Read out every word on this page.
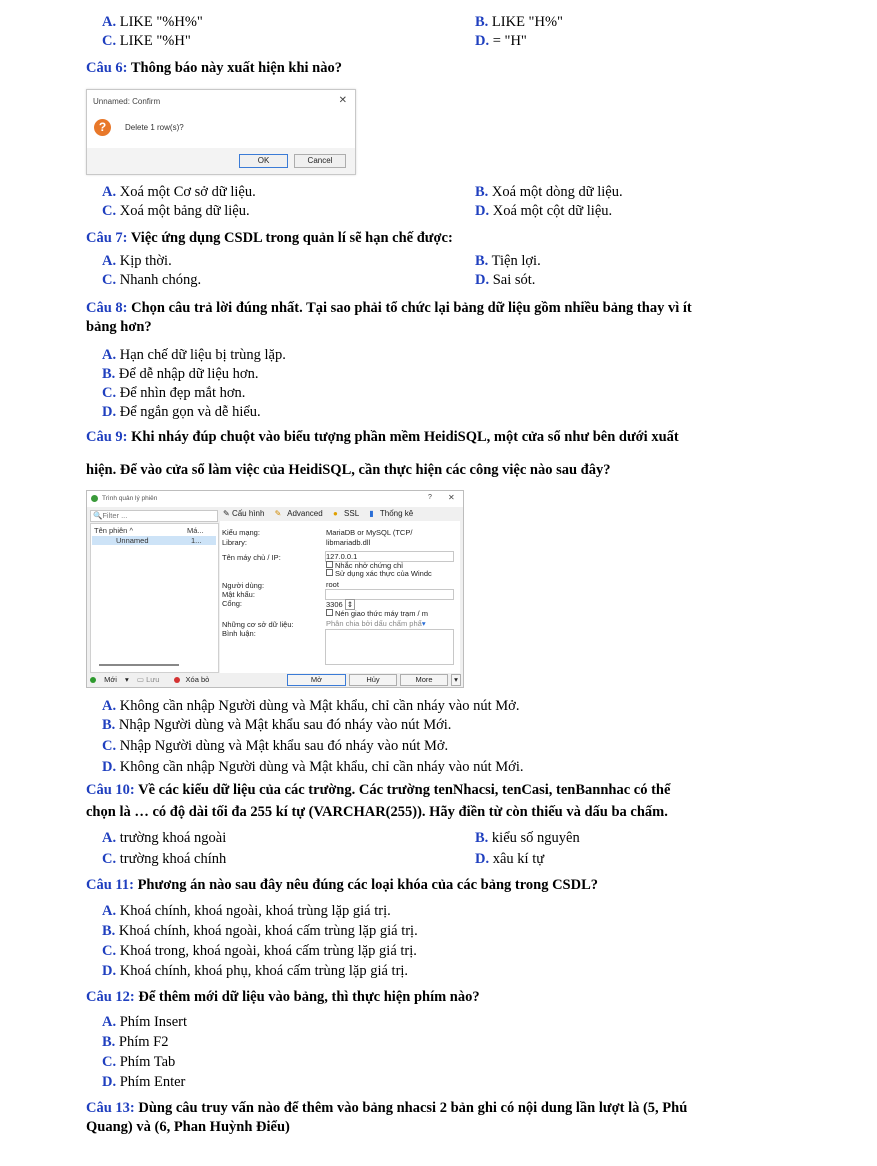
A. LIKE "%H%"	B. LIKE "H%"
C. LIKE "%H"	D. = "H"
Câu 6: Thông báo này xuất hiện khi nào?
Unnamed: Confirm	✕
?	Delete 1 row(s)?
OK	Cancel
A. Xoá một Cơ sở dữ liệu.	B. Xoá một dòng dữ liệu.
C. Xoá một bảng dữ liệu.	D. Xoá một cột dữ liệu.
Câu 7: Việc ứng dụng CSDL trong quản lí sẽ hạn chế được:
A. Kịp thời.	B. Tiện lợi.
C. Nhanh chóng.	D. Sai sót.
Câu 8: Chọn câu trả lời đúng nhất. Tại sao phải tổ chức lại bảng dữ liệu gồm nhiều bảng thay vì ít
bảng hơn?
A. Hạn chế dữ liệu bị trùng lặp.
B. Để dễ nhập dữ liệu hơn.
C. Để nhìn đẹp mắt hơn.
D. Để ngắn gọn và dễ hiểu.
Câu 9: Khi nháy đúp chuột vào biểu tượng phần mềm HeidiSQL, một cửa sổ như bên dưới xuất
hiện. Để vào cửa sổ làm việc của HeidiSQL, cần thực hiện các công việc nào sau đây?
Trình quản lý phiên	? ✕
🔍Filter ...
Tên phiên ^	Má...
Unnamed	1...
Mới ▾ ▭ Lưu	Xóa bỏ
✎ Cấu hình ✎ Advanced ● SSL ▮ Thống kê
Kiểu mạng:	MariaDB or MySQL (TCP/
Library:	libmariadb.dll
Tên máy chủ / IP:	127.0.0.1
Nhắc nhở chứng chỉ
Sử dụng xác thực của Windc
Người dùng:	root
Mật khẩu:
Cổng:	3306 ⇕
Nén giao thức máy trạm / m
Những cơ sở dữ liệu:	Phân chia bởi dấu chấm phẩ▾
Bình luận:
Mở	Hủy	More	▾
A. Không cần nhập Người dùng và Mật khẩu, chỉ cần nháy vào nút Mở.
B. Nhập Người dùng và Mật khẩu sau đó nháy vào nút Mới.
C. Nhập Người dùng và Mật khẩu sau đó nháy vào nút Mở.
D. Không cần nhập Người dùng và Mật khẩu, chỉ cần nháy vào nút Mới.
Câu 10: Về các kiểu dữ liệu của các trường. Các trường tenNhacsi, tenCasi, tenBannhac có thể
chọn là … có độ dài tối đa 255 kí tự (VARCHAR(255)). Hãy điền từ còn thiếu và dấu ba chấm.
A. trường khoá ngoài	B. kiểu số nguyên
C. trường khoá chính	D. xâu kí tự
Câu 11: Phương án nào sau đây nêu đúng các loại khóa của các bảng trong CSDL?
A. Khoá chính, khoá ngoài, khoá trùng lặp giá trị.
B. Khoá chính, khoá ngoài, khoá cấm trùng lặp giá trị.
C. Khoá trong, khoá ngoài, khoá cấm trùng lặp giá trị.
D. Khoá chính, khoá phụ, khoá cấm trùng lặp giá trị.
Câu 12: Để thêm mới dữ liệu vào bảng, thì thực hiện phím nào?
A. Phím Insert
B. Phím F2
C. Phím Tab
D. Phím Enter
Câu 13: Dùng câu truy vấn nào để thêm vào bảng nhacsi 2 bản ghi có nội dung lần lượt là (5, Phú
Quang) và (6, Phan Huỳnh Điểu)
